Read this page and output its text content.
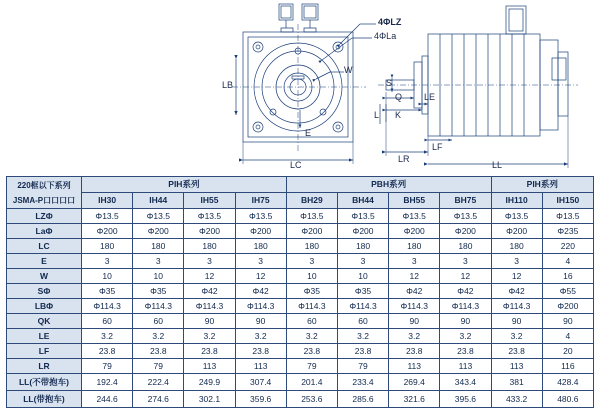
4ΦLZ
4ΦLa
W
E
LB
LC
S
Q
K
LE
L
LF
LR
LL
220框以下系列
JSMA-P口口口口	PIH系列				PBH系列				PIH系列	
	IH30	IH44	IH55	IH75	BH29	BH44	BH55	BH75	IH110	IH150
LZΦ	Φ13.5	Φ13.5	Φ13.5	Φ13.5	Φ13.5	Φ13.5	Φ13.5	Φ13.5	Φ13.5	Φ13.5
LaΦ	Φ200	Φ200	Φ200	Φ200	Φ200	Φ200	Φ200	Φ200	Φ200	Φ235
LC	180	180	180	180	180	180	180	180	180	220
E	3	3	3	3	3	3	3	3	3	4
W	10	10	12	12	10	10	12	12	12	16
SΦ	Φ35	Φ35	Φ42	Φ42	Φ35	Φ35	Φ42	Φ42	Φ42	Φ55
LBΦ	Φ114.3	Φ114.3	Φ114.3	Φ114.3	Φ114.3	Φ114.3	Φ114.3	Φ114.3	Φ114.3	Φ200
QK	60	60	90	90	60	60	90	90	90	90
LE	3.2	3.2	3.2	3.2	3.2	3.2	3.2	3.2	3.2	4
LF	23.8	23.8	23.8	23.8	23.8	23.8	23.8	23.8	23.8	20
LR	79	79	113	113	79	79	113	113	113	116
LL(不带抱车)	192.4	222.4	249.9	307.4	201.4	233.4	269.4	343.4	381	428.4
LL(带抱车)	244.6	274.6	302.1	359.6	253.6	285.6	321.6	395.6	433.2	480.6
